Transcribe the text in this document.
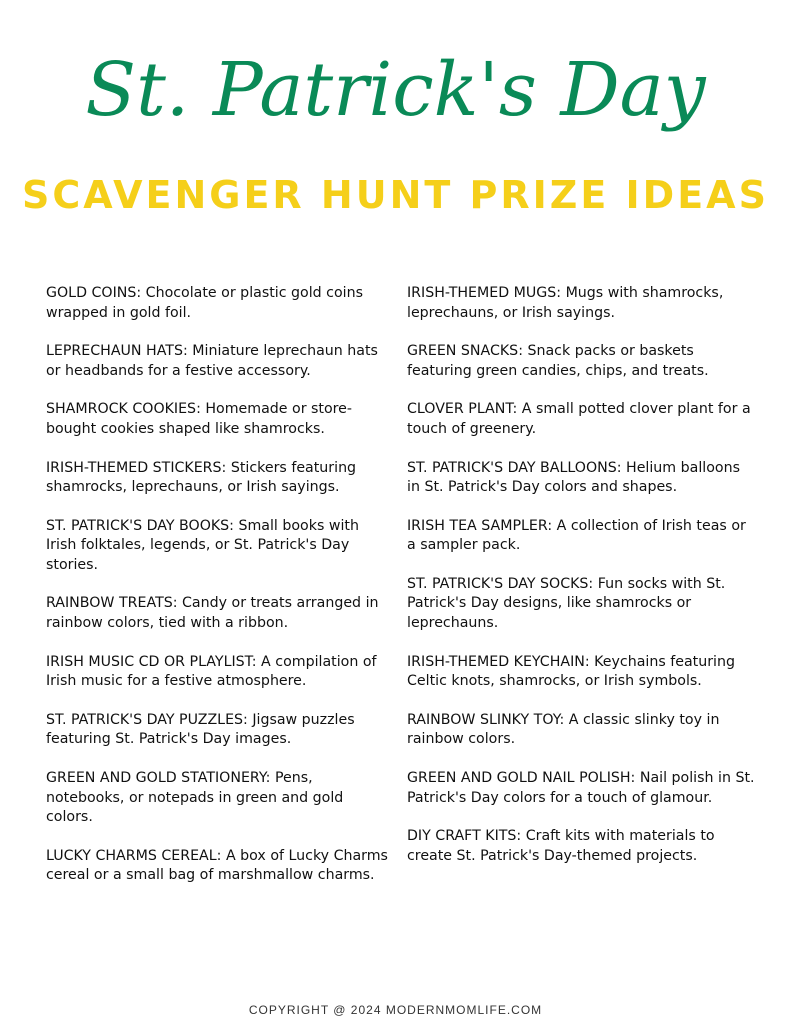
St. Patrick's Day
SCAVENGER HUNT PRIZE IDEAS

GOLD COINS: Chocolate or plastic gold coins wrapped in gold foil.

LEPRECHAUN HATS: Miniature leprechaun hats or headbands for a festive accessory.

SHAMROCK COOKIES: Homemade or store-bought cookies shaped like shamrocks.

IRISH-THEMED STICKERS: Stickers featuring shamrocks, leprechauns, or Irish sayings.

ST. PATRICK'S DAY BOOKS: Small books with Irish folktales, legends, or St. Patrick's Day stories.

RAINBOW TREATS: Candy or treats arranged in rainbow colors, tied with a ribbon.

IRISH MUSIC CD OR PLAYLIST: A compilation of Irish music for a festive atmosphere.

ST. PATRICK'S DAY PUZZLES: Jigsaw puzzles featuring St. Patrick's Day images.

GREEN AND GOLD STATIONERY: Pens, notebooks, or notepads in green and gold colors.

LUCKY CHARMS CEREAL: A box of Lucky Charms cereal or a small bag of marshmallow charms.

IRISH-THEMED MUGS: Mugs with shamrocks, leprechauns, or Irish sayings.

GREEN SNACKS: Snack packs or baskets featuring green candies, chips, and treats.

CLOVER PLANT: A small potted clover plant for a touch of greenery.

ST. PATRICK'S DAY BALLOONS: Helium balloons in St. Patrick's Day colors and shapes.

IRISH TEA SAMPLER: A collection of Irish teas or a sampler pack.

ST. PATRICK'S DAY SOCKS: Fun socks with St. Patrick's Day designs, like shamrocks or leprechauns.

IRISH-THEMED KEYCHAIN: Keychains featuring Celtic knots, shamrocks, or Irish symbols.

RAINBOW SLINKY TOY: A classic slinky toy in rainbow colors.

GREEN AND GOLD NAIL POLISH: Nail polish in St. Patrick's Day colors for a touch of glamour.

DIY CRAFT KITS: Craft kits with materials to create St. Patrick's Day-themed projects.

COPYRIGHT @ 2024 MODERNMOMLIFE.COM
